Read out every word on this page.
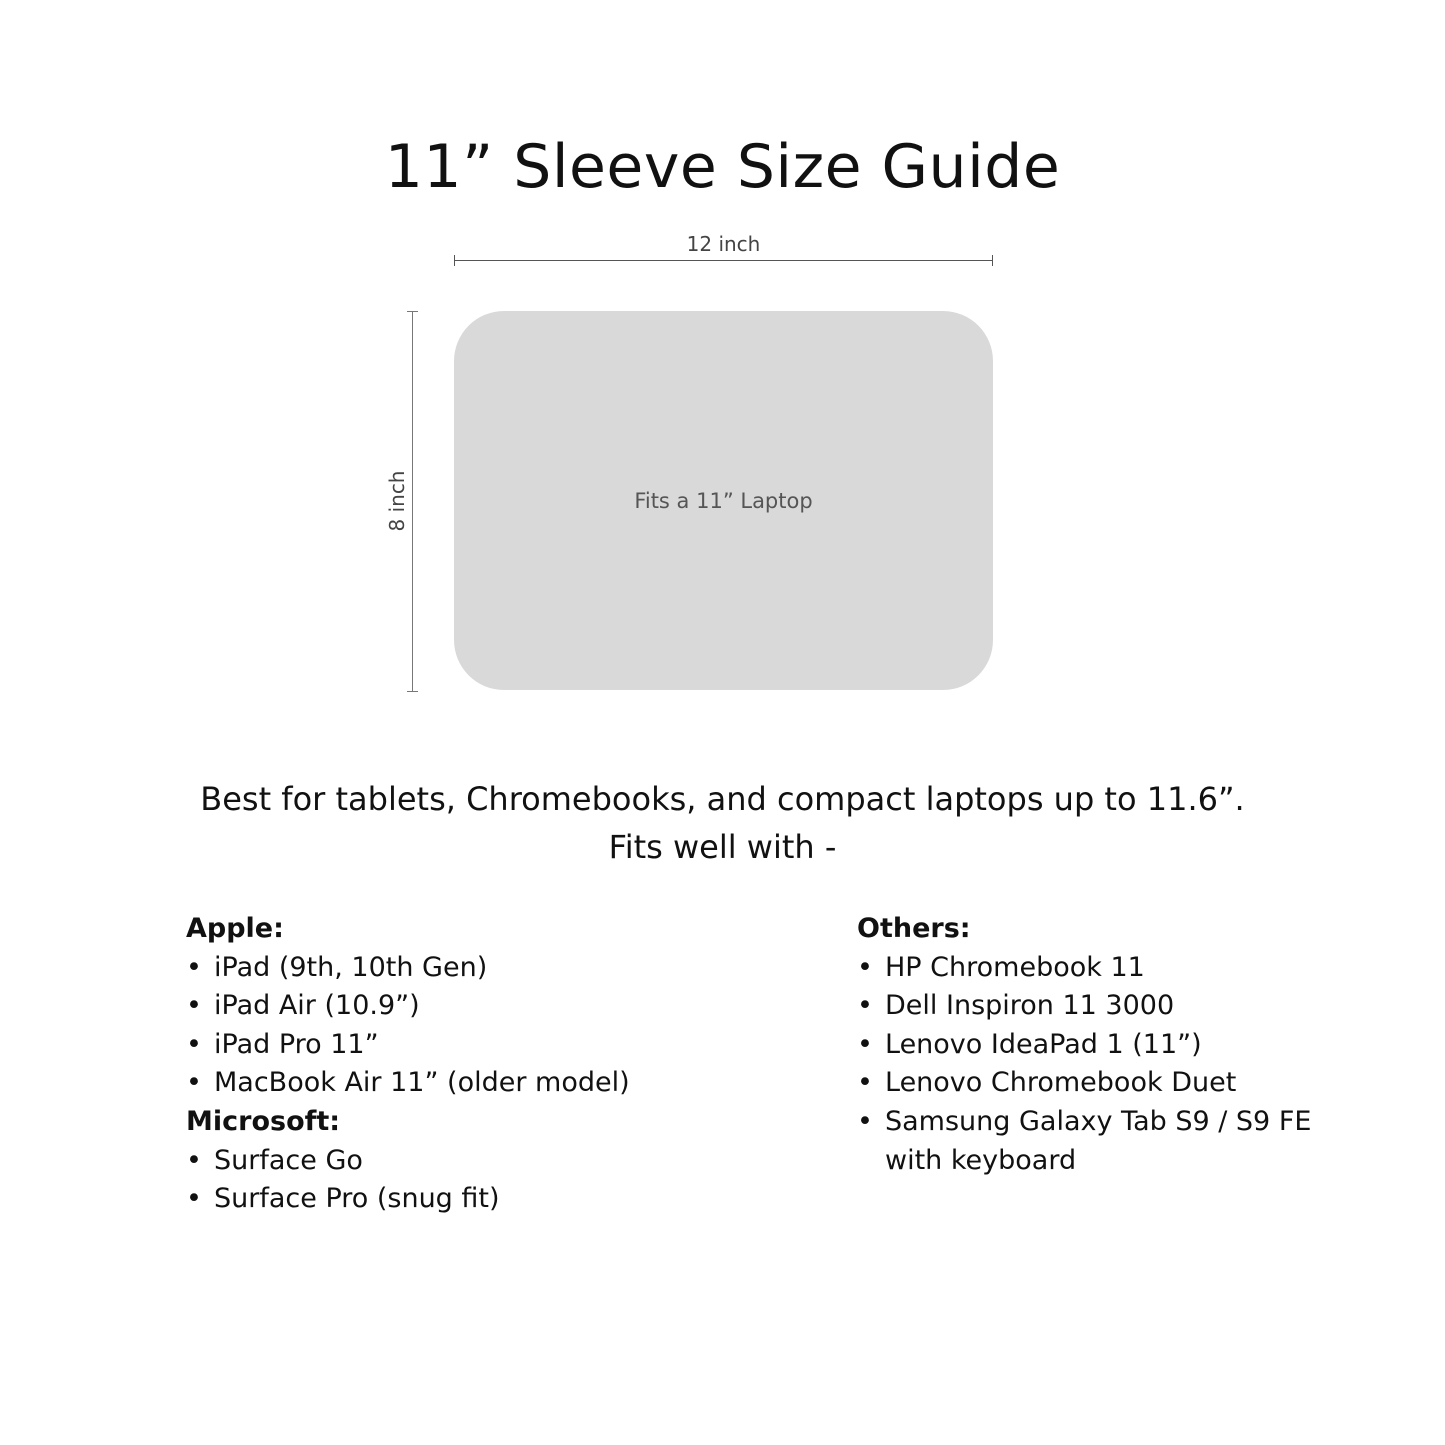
11” Sleeve Size Guide
12 inch
8 inch	Fits a 11” Laptop
Best for tablets, Chromebooks, and compact laptops up to 11.6”.
Fits well with -
Apple:
• iPad (9th, 10th Gen)
• iPad Air (10.9”)
• iPad Pro 11”
• MacBook Air 11” (older model)
Microsoft:
• Surface Go
• Surface Pro (snug fit)
Others:
• HP Chromebook 11
• Dell Inspiron 11 3000
• Lenovo IdeaPad 1 (11”)
• Lenovo Chromebook Duet
• Samsung Galaxy Tab S9 / S9 FE with keyboard
